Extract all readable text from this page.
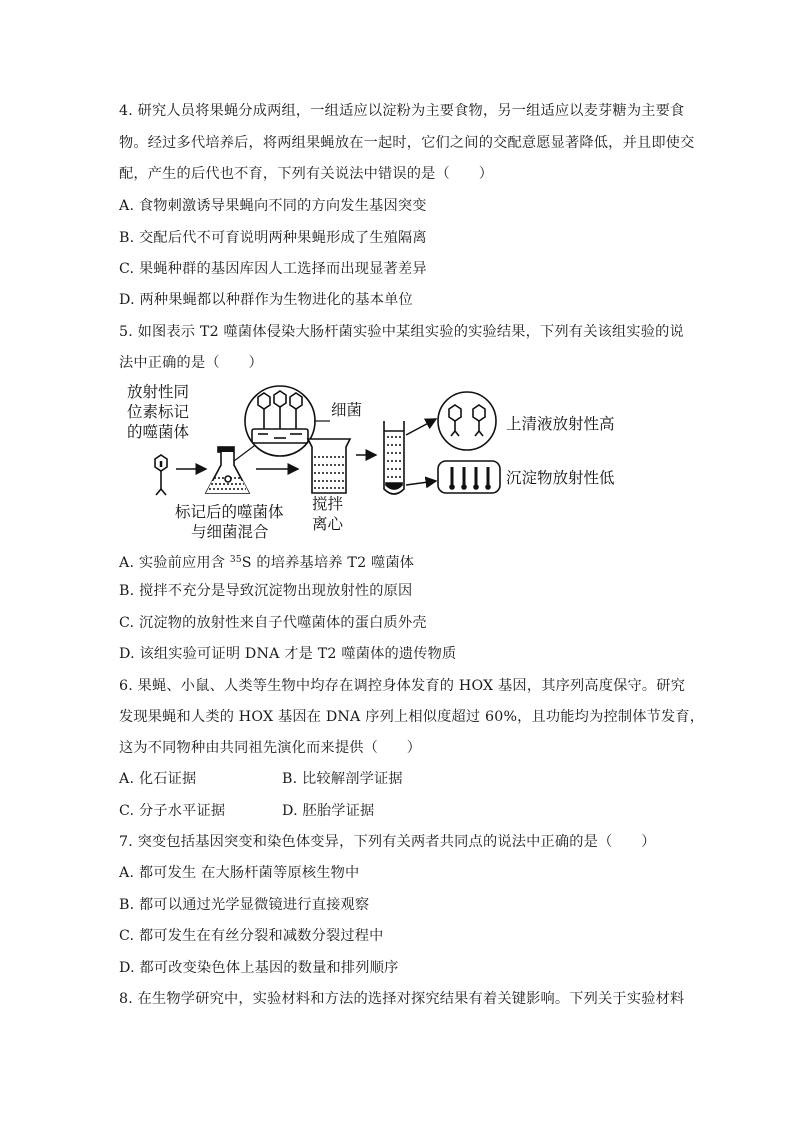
4. 研究人员将果蝇分成两组，一组适应以淀粉为主要食物，另一组适应以麦芽糖为主要食
物。经过多代培养后，将两组果蝇放在一起时，它们之间的交配意愿显著降低，并且即使交
配，产生的后代也不育，下列有关说法中错误的是（　　）
A. 食物刺激诱导果蝇向不同的方向发生基因突变
B. 交配后代不可育说明两种果蝇形成了生殖隔离
C. 果蝇种群的基因库因人工选择而出现显著差异
D. 两种果蝇都以种群作为生物进化的基本单位
5. 如图表示 T2 噬菌体侵染大肠杆菌实验中某组实验的实验结果，下列有关该组实验的说
法中正确的是（　　）
放射性同
位素标记
的噬菌体
细菌
标记后的噬菌体
与细菌混合
搅拌
离心
上清液放射性高
沉淀物放射性低
A. 实验前应用含 $^{35}$S 的培养基培养 T2 噬菌体
B. 搅拌不充分是导致沉淀物出现放射性的原因
C. 沉淀物的放射性来自子代噬菌体的蛋白质外壳
D. 该组实验可证明 DNA 才是 T2 噬菌体的遗传物质
6. 果蝇、小鼠、人类等生物中均存在调控身体发育的 HOX 基因，其序列高度保守。研究
发现果蝇和人类的 HOX 基因在 DNA 序列上相似度超过 60%，且功能均为控制体节发育，
这为不同物种由共同祖先演化而来提供（　　）
A. 化石证据	B. 比较解剖学证据
C. 分子水平证据	D. 胚胎学证据
7. 突变包括基因突变和染色体变异，下列有关两者共同点的说法中正确的是（　　）
A. 都可发生 在大肠杆菌等原核生物中
B. 都可以通过光学显微镜进行直接观察
C. 都可发生在有丝分裂和减数分裂过程中
D. 都可改变染色体上基因的数量和排列顺序
8. 在生物学研究中，实验材料和方法的选择对探究结果有着关键影响。下列关于实验材料
